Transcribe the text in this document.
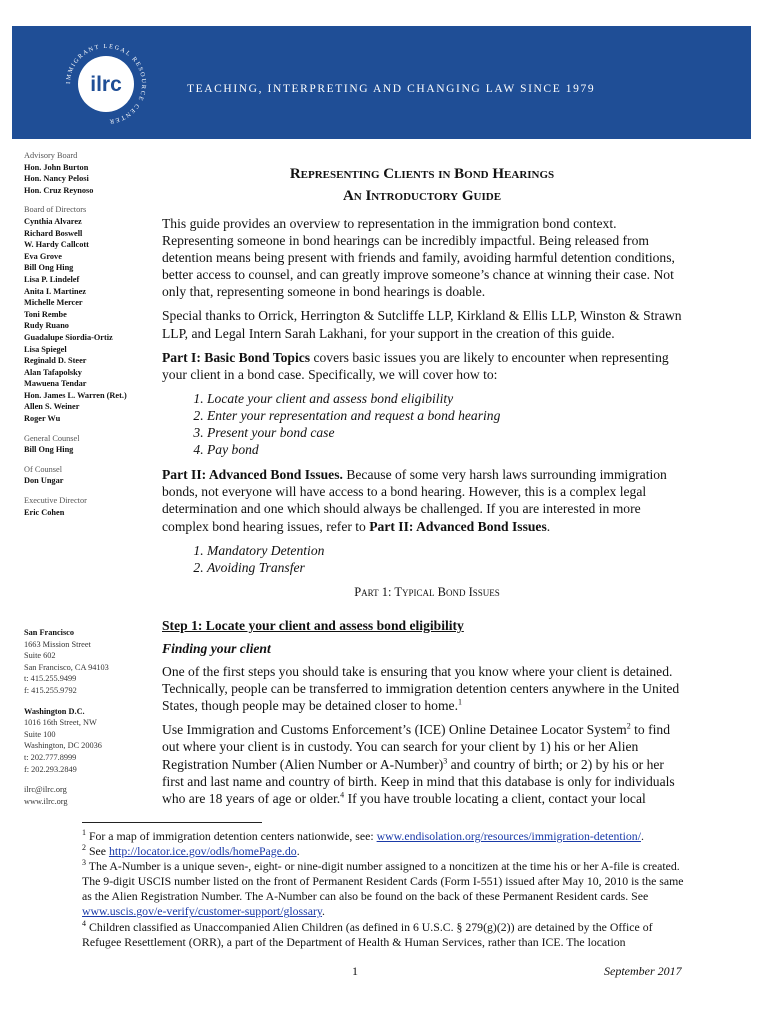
IMMIGRANT LEGAL RESOURCE CENTER
ilrc	TEACHING, INTERPRETING AND CHANGING LAW SINCE 1979
Advisory Board
Hon. John Burton
Hon. Nancy Pelosi
Hon. Cruz Reynoso
Board of Directors
Cynthia Alvarez
Richard Boswell
W. Hardy Callcott
Eva Grove
Bill Ong Hing
Lisa P. Lindelef
Anita I. Martinez
Michelle Mercer
Toni Rembe
Rudy Ruano
Guadalupe Siordia-Ortiz
Lisa Spiegel
Reginald D. Steer
Alan Tafapolsky
Mawuena Tendar
Hon. James L. Warren (Ret.)
Allen S. Weiner
Roger Wu
General Counsel
Bill Ong Hing
Of Counsel
Don Ungar
Executive Director
Eric Cohen
San Francisco
1663 Mission Street
Suite 602
San Francisco, CA 94103
t: 415.255.9499
f: 415.255.9792
Washington D.C.
1016 16th Street, NW
Suite 100
Washington, DC 20036
t: 202.777.8999
f: 202.293.2849
ilrc@ilrc.org
www.ilrc.org
Representing Clients in Bond Hearings
An Introductory Guide

This guide provides an overview to representation in the immigration bond context. Representing someone in bond hearings can be incredibly impactful. Being released from detention means being present with friends and family, avoiding harmful detention conditions, better access to counsel, and can greatly improve someone’s chance at winning their case. Not only that, representing someone in bond hearings is doable.

Special thanks to Orrick, Herrington & Sutcliffe LLP, Kirkland & Ellis LLP, Winston & Strawn LLP, and Legal Intern Sarah Lakhani, for your support in the creation of this guide.

Part I: Basic Bond Topics covers basic issues you are likely to encounter when representing your client in a bond case. Specifically, we will cover how to:

1. Locate your client and assess bond eligibility
2. Enter your representation and request a bond hearing
3. Present your bond case
4. Pay bond

Part II: Advanced Bond Issues. Because of some very harsh laws surrounding immigration bonds, not everyone will have access to a bond hearing. However, this is a complex legal determination and one which should always be challenged. If you are interested in more complex bond hearing issues, refer to Part II: Advanced Bond Issues.

1. Mandatory Detention
2. Avoiding Transfer
Part 1: Typical Bond Issues
Step 1: Locate your client and assess bond eligibility
Finding your client

One of the first steps you should take is ensuring that you know where your client is detained. Technically, people can be transferred to immigration detention centers anywhere in the United States, though people may be detained closer to home.$^1$

Use Immigration and Customs Enforcement’s (ICE) Online Detainee Locator System$^2$ to find out where your client is in custody. You can search for your client by 1) his or her Alien Registration Number (Alien Number or A-Number)$^3$ and country of birth; or 2) by his or her first and last name and country of birth. Keep in mind that this database is only for individuals who are 18 years of age or older.$^4$ If you have trouble locating a client, contact your local

$^1$ For a map of immigration detention centers nationwide, see: www.endisolation.org/resources/immigration-detention/.

$^2$ See http://locator.ice.gov/odls/homePage.do.

$^3$ The A-Number is a unique seven-, eight- or nine-digit number assigned to a noncitizen at the time his or her A-file is created. The 9-digit USCIS number listed on the front of Permanent Resident Cards (Form I-551) issued after May 10, 2010 is the same as the Alien Registration Number. The A-Number can also be found on the back of these Permanent Resident cards. See www.uscis.gov/e-verify/customer-support/glossary.

$^4$ Children classified as Unaccompanied Alien Children (as defined in 6 U.S.C. § 279(g)(2)) are detained by the Office of Refugee Resettlement (ORR), a part of the Department of Health & Human Services, rather than ICE. The location

1	September 2017
